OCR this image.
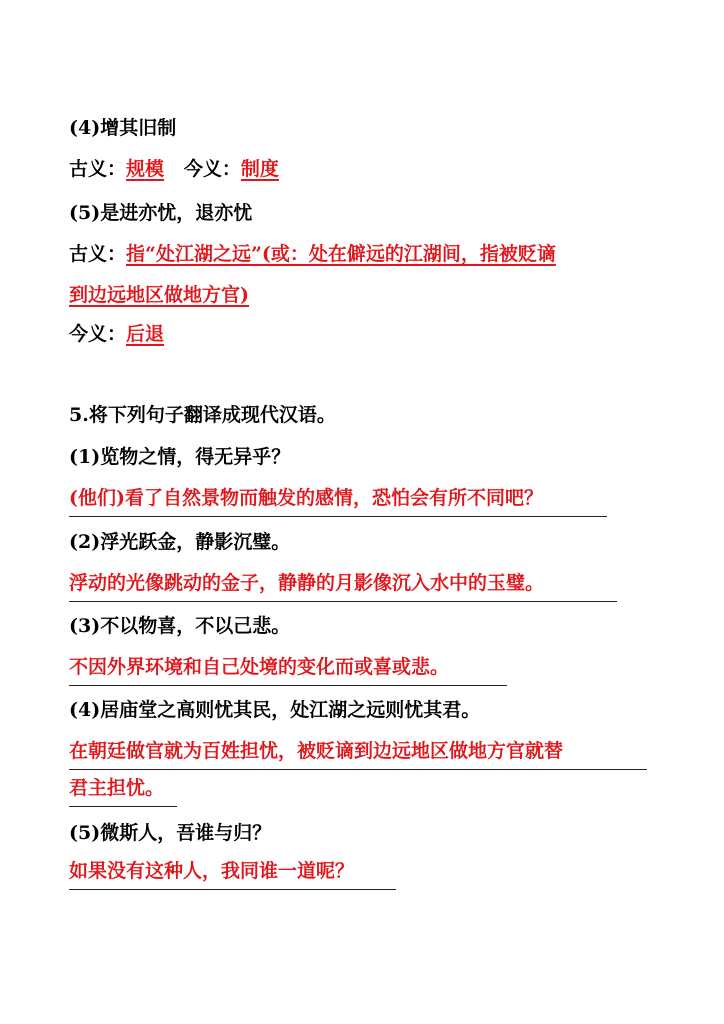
(4)增其旧制
古义：规模 今义：制度
(5)是进亦忧，退亦忧
古义：指“处江湖之远”(或：处在僻远的江湖间，指被贬谪
到边远地区做地方官)
今义：后退
5.将下列句子翻译成现代汉语。
(1)览物之情，得无异乎？
(他们)看了自然景物而触发的感情，恐怕会有所不同吧？
(2)浮光跃金，静影沉璧。
浮动的光像跳动的金子，静静的月影像沉入水中的玉璧。
(3)不以物喜，不以己悲。
不因外界环境和自己处境的变化而或喜或悲。
(4)居庙堂之高则忧其民，处江湖之远则忧其君。
在朝廷做官就为百姓担忧，被贬谪到边远地区做地方官就替
君主担忧。
(5)微斯人，吾谁与归？
如果没有这种人，我同谁一道呢？
